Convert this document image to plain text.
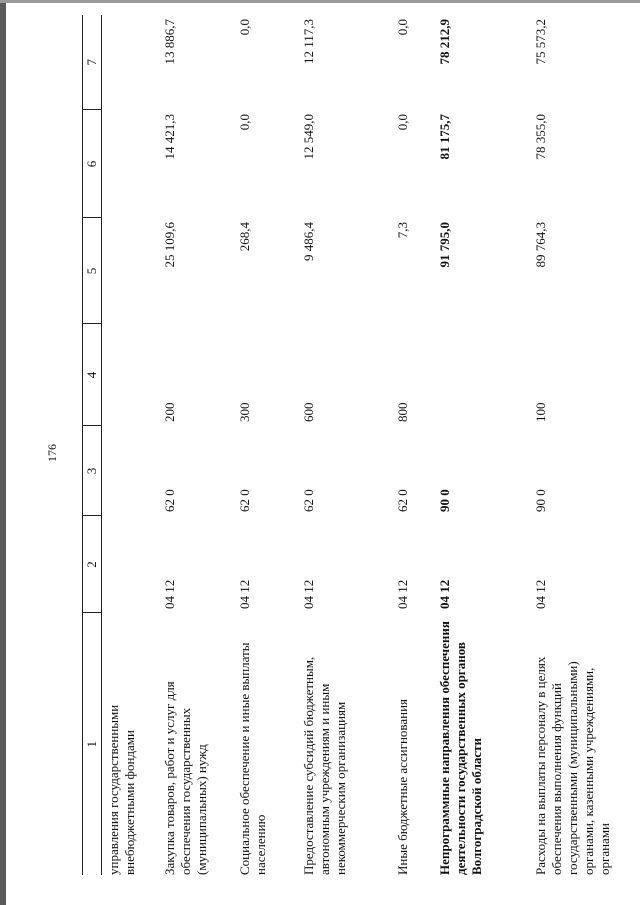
176
1	2	3	4	5	6	7
управления государственными внебюджетными фондами						
Закупка товаров, работ и услуг для обеспечения государственных (муниципальных) нужд	04 12	62 0	200	25 109,6	14 421,3	13 886,7
Социальное обеспечение и иные выплаты населению	04 12	62 0	300	268,4	0,0	0,0
Предоставление субсидий бюджетным, автономным учреждениям и иным некоммерческим организациям	04 12	62 0	600	9 486,4	12 549,0	12 117,3
Иные бюджетные ассигнования	04 12	62 0	800	7,3	0,0	0,0
Непрограммные направления обеспечения деятельности государственных органов Волгоградской области	04 12	90 0		91 795,0	81 175,7	78 212,9
Расходы на выплаты персоналу в целях обеспечения выполнения функций государственными (муниципальными) органами, казенными учреждениями, органами	04 12	90 0	100	89 764,3	78 355,0	75 573,2
